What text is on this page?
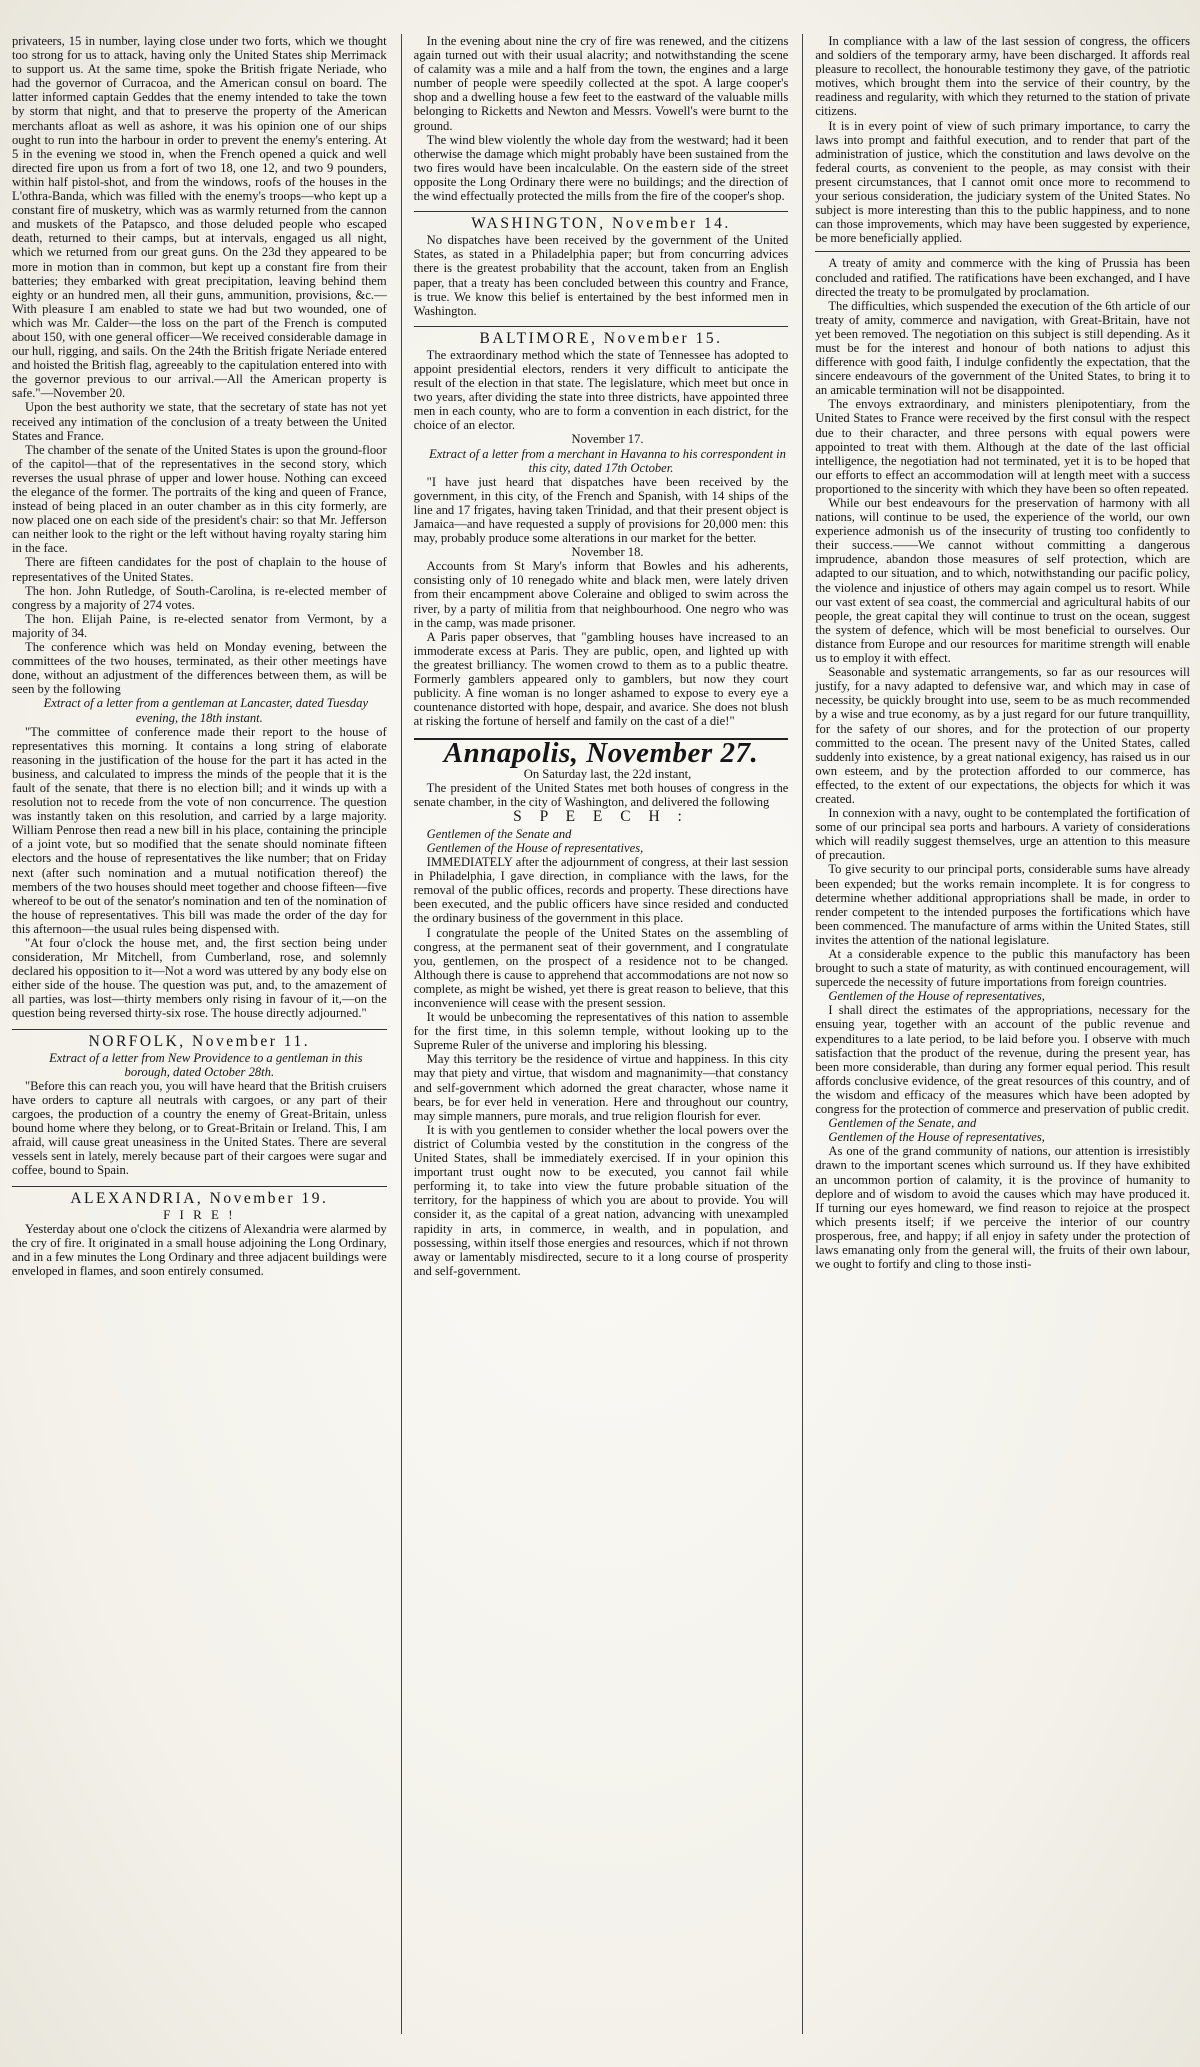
privateers, 15 in number, laying close under two forts, which we thought too strong for us to attack, having only the United States ship Merrimack to support us. At the same time, spoke the British frigate Neriade, who had the governor of Curracoa, and the American consul on board. The latter informed captain Geddes that the enemy intended to take the town by storm that night, and that to preserve the property of the American merchants afloat as well as ashore, it was his opinion one of our ships ought to run into the harbour in order to prevent the enemy's entering. At 5 in the evening we stood in, when the French opened a quick and well directed fire upon us from a fort of two 18, one 12, and two 9 pounders, within half pistol-shot, and from the windows, roofs of the houses in the L'othra-Banda, which was filled with the enemy's troops—who kept up a constant fire of musketry, which was as warmly returned from the cannon and muskets of the Patapsco, and those deluded people who escaped death, returned to their camps, but at intervals, engaged us all night, which we returned from our great guns. On the 23d they appeared to be more in motion than in common, but kept up a constant fire from their batteries; they embarked with great precipitation, leaving behind them eighty or an hundred men, all their guns, ammunition, provisions, &c.—With pleasure I am enabled to state we had but two wounded, one of which was Mr. Calder—the loss on the part of the French is computed about 150, with one general officer—We received considerable damage in our hull, rigging, and sails. On the 24th the British frigate Neriade entered and hoisted the British flag, agreeably to the capitulation entered into with the governor previous to our arrival.—All the American property is safe."—November 20.

Upon the best authority we state, that the secretary of state has not yet received any intimation of the conclusion of a treaty between the United States and France.

The chamber of the senate of the United States is upon the ground-floor of the capitol—that of the representatives in the second story, which reverses the usual phrase of upper and lower house. Nothing can exceed the elegance of the former. The portraits of the king and queen of France, instead of being placed in an outer chamber as in this city formerly, are now placed one on each side of the president's chair: so that Mr. Jefferson can neither look to the right or the left without having royalty staring him in the face.

There are fifteen candidates for the post of chaplain to the house of representatives of the United States.

The hon. John Rutledge, of South-Carolina, is re-elected member of congress by a majority of 274 votes.

The hon. Elijah Paine, is re-elected senator from Vermont, by a majority of 34.

The conference which was held on Monday evening, between the committees of the two houses, terminated, as their other meetings have done, without an adjustment of the differences between them, as will be seen by the following

Extract of a letter from a gentleman at Lancaster, dated Tuesday evening, the 18th instant.

"The committee of conference made their report to the house of representatives this morning. It contains a long string of elaborate reasoning in the justification of the house for the part it has acted in the business, and calculated to impress the minds of the people that it is the fault of the senate, that there is no election bill; and it winds up with a resolution not to recede from the vote of non concurrence. The question was instantly taken on this resolution, and carried by a large majority. William Penrose then read a new bill in his place, containing the principle of a joint vote, but so modified that the senate should nominate fifteen electors and the house of representatives the like number; that on Friday next (after such nomination and a mutual notification thereof) the members of the two houses should meet together and choose fifteen—five whereof to be out of the senator's nomination and ten of the nomination of the house of representatives. This bill was made the order of the day for this afternoon—the usual rules being dispensed with.

"At four o'clock the house met, and, the first section being under consideration, Mr Mitchell, from Cumberland, rose, and solemnly declared his opposition to it—Not a word was uttered by any body else on either side of the house. The question was put, and, to the amazement of all parties, was lost—thirty members only rising in favour of it,—on the question being reversed thirty-six rose. The house directly adjourned."

NORFOLK, November 11.

Extract of a letter from New Providence to a gentleman in this borough, dated October 28th.

"Before this can reach you, you will have heard that the British cruisers have orders to capture all neutrals with cargoes, or any part of their cargoes, the production of a country the enemy of Great-Britain, unless bound home where they belong, or to Great-Britain or Ireland. This, I am afraid, will cause great uneasiness in the United States. There are several vessels sent in lately, merely because part of their cargoes were sugar and coffee, bound to Spain.

ALEXANDRIA, November 19.
F I R E !

Yesterday about one o'clock the citizens of Alexandria were alarmed by the cry of fire. It originated in a small house adjoining the Long Ordinary, and in a few minutes the Long Ordinary and three adjacent buildings were enveloped in flames, and soon entirely consumed.

In the evening about nine the cry of fire was renewed, and the citizens again turned out with their usual alacrity; and notwithstanding the scene of calamity was a mile and a half from the town, the engines and a large number of people were speedily collected at the spot. A large cooper's shop and a dwelling house a few feet to the eastward of the valuable mills belonging to Ricketts and Newton and Messrs. Vowell's were burnt to the ground.

The wind blew violently the whole day from the westward; had it been otherwise the damage which might probably have been sustained from the two fires would have been incalculable. On the eastern side of the street opposite the Long Ordinary there were no buildings; and the direction of the wind effectually protected the mills from the fire of the cooper's shop.

WASHINGTON, November 14.

No dispatches have been received by the government of the United States, as stated in a Philadelphia paper; but from concurring advices there is the greatest probability that the account, taken from an English paper, that a treaty has been concluded between this country and France, is true. We know this belief is entertained by the best informed men in Washington.

BALTIMORE, November 15.

The extraordinary method which the state of Tennessee has adopted to appoint presidential electors, renders it very difficult to anticipate the result of the election in that state. The legislature, which meet but once in two years, after dividing the state into three districts, have appointed three men in each county, who are to form a convention in each district, for the choice of an elector.

November 17.

Extract of a letter from a merchant in Havanna to his correspondent in this city, dated 17th October.

"I have just heard that dispatches have been received by the government, in this city, of the French and Spanish, with 14 ships of the line and 17 frigates, having taken Trinidad, and that their present object is Jamaica—and have requested a supply of provisions for 20,000 men: this may, probably produce some alterations in our market for the better.

November 18.

Accounts from St Mary's inform that Bowles and his adherents, consisting only of 10 renegado white and black men, were lately driven from their encampment above Coleraine and obliged to swim across the river, by a party of militia from that neighbourhood. One negro who was in the camp, was made prisoner.

A Paris paper observes, that "gambling houses have increased to an immoderate excess at Paris. They are public, open, and lighted up with the greatest brilliancy. The women crowd to them as to a public theatre. Formerly gamblers appeared only to gamblers, but now they court publicity. A fine woman is no longer ashamed to expose to every eye a countenance distorted with hope, despair, and avarice. She does not blush at risking the fortune of herself and family on the cast of a die!"

Annapolis, November 27.

On Saturday last, the 22d instant,

The president of the United States met both houses of congress in the senate chamber, in the city of Washington, and delivered the following

S P E E C H :

Gentlemen of the Senate and

Gentlemen of the House of representatives,

IMMEDIATELY after the adjournment of congress, at their last session in Philadelphia, I gave direction, in compliance with the laws, for the removal of the public offices, records and property. These directions have been executed, and the public officers have since resided and conducted the ordinary business of the government in this place.

I congratulate the people of the United States on the assembling of congress, at the permanent seat of their government, and I congratulate you, gentlemen, on the prospect of a residence not to be changed. Although there is cause to apprehend that accommodations are not now so complete, as might be wished, yet there is great reason to believe, that this inconvenience will cease with the present session.

It would be unbecoming the representatives of this nation to assemble for the first time, in this solemn temple, without looking up to the Supreme Ruler of the universe and imploring his blessing.

May this territory be the residence of virtue and happiness. In this city may that piety and virtue, that wisdom and magnanimity—that constancy and self-government which adorned the great character, whose name it bears, be for ever held in veneration. Here and throughout our country, may simple manners, pure morals, and true religion flourish for ever.

It is with you gentlemen to consider whether the local powers over the district of Columbia vested by the constitution in the congress of the United States, shall be immediately exercised. If in your opinion this important trust ought now to be executed, you cannot fail while performing it, to take into view the future probable situation of the territory, for the happiness of which you are about to provide. You will consider it, as the capital of a great nation, advancing with unexampled rapidity in arts, in commerce, in wealth, and in population, and possessing, within itself those energies and resources, which if not thrown away or lamentably misdirected, secure to it a long course of prosperity and self-government.

In compliance with a law of the last session of congress, the officers and soldiers of the temporary army, have been discharged. It affords real pleasure to recollect, the honourable testimony they gave, of the patriotic motives, which brought them into the service of their country, by the readiness and regularity, with which they returned to the station of private citizens.

It is in every point of view of such primary importance, to carry the laws into prompt and faithful execution, and to render that part of the administration of justice, which the constitution and laws devolve on the federal courts, as convenient to the people, as may consist with their present circumstances, that I cannot omit once more to recommend to your serious consideration, the judiciary system of the United States. No subject is more interesting than this to the public happiness, and to none can those improvements, which may have been suggested by experience, be more beneficially applied.

A treaty of amity and commerce with the king of Prussia has been concluded and ratified. The ratifications have been exchanged, and I have directed the treaty to be promulgated by proclamation.

The difficulties, which suspended the execution of the 6th article of our treaty of amity, commerce and navigation, with Great-Britain, have not yet been removed. The negotiation on this subject is still depending. As it must be for the interest and honour of both nations to adjust this difference with good faith, I indulge confidently the expectation, that the sincere endeavours of the government of the United States, to bring it to an amicable termination will not be disappointed.

The envoys extraordinary, and ministers plenipotentiary, from the United States to France were received by the first consul with the respect due to their character, and three persons with equal powers were appointed to treat with them. Although at the date of the last official intelligence, the negotiation had not terminated, yet it is to be hoped that our efforts to effect an accommodation will at length meet with a success proportioned to the sincerity with which they have been so often repeated.

While our best endeavours for the preservation of harmony with all nations, will continue to be used, the experience of the world, our own experience admonish us of the insecurity of trusting too confidently to their success.——We cannot without committing a dangerous imprudence, abandon those measures of self protection, which are adapted to our situation, and to which, notwithstanding our pacific policy, the violence and injustice of others may again compel us to resort. While our vast extent of sea coast, the commercial and agricultural habits of our people, the great capital they will continue to trust on the ocean, suggest the system of defence, which will be most beneficial to ourselves. Our distance from Europe and our resources for maritime strength will enable us to employ it with effect.

Seasonable and systematic arrangements, so far as our resources will justify, for a navy adapted to defensive war, and which may in case of necessity, be quickly brought into use, seem to be as much recommended by a wise and true economy, as by a just regard for our future tranquillity, for the safety of our shores, and for the protection of our property committed to the ocean. The present navy of the United States, called suddenly into existence, by a great national exigency, has raised us in our own esteem, and by the protection afforded to our commerce, has effected, to the extent of our expectations, the objects for which it was created.

In connexion with a navy, ought to be contemplated the fortification of some of our principal sea ports and harbours. A variety of considerations which will readily suggest themselves, urge an attention to this measure of precaution.

To give security to our principal ports, considerable sums have already been expended; but the works remain incomplete. It is for congress to determine whether additional appropriations shall be made, in order to render competent to the intended purposes the fortifications which have been commenced. The manufacture of arms within the United States, still invites the attention of the national legislature.

At a considerable expence to the public this manufactory has been brought to such a state of maturity, as with continued encouragement, will supercede the necessity of future importations from foreign countries.

Gentlemen of the House of representatives,

I shall direct the estimates of the appropriations, necessary for the ensuing year, together with an account of the public revenue and expenditures to a late period, to be laid before you. I observe with much satisfaction that the product of the revenue, during the present year, has been more considerable, than during any former equal period. This result affords conclusive evidence, of the great resources of this country, and of the wisdom and efficacy of the measures which have been adopted by congress for the protection of commerce and preservation of public credit.

Gentlemen of the Senate, and

Gentlemen of the House of representatives,

As one of the grand community of nations, our attention is irresistibly drawn to the important scenes which surround us. If they have exhibited an uncommon portion of calamity, it is the province of humanity to deplore and of wisdom to avoid the causes which may have produced it. If turning our eyes homeward, we find reason to rejoice at the prospect which presents itself; if we perceive the interior of our country prosperous, free, and happy; if all enjoy in safety under the protection of laws emanating only from the general will, the fruits of their own labour, we ought to fortify and cling to those insti-
